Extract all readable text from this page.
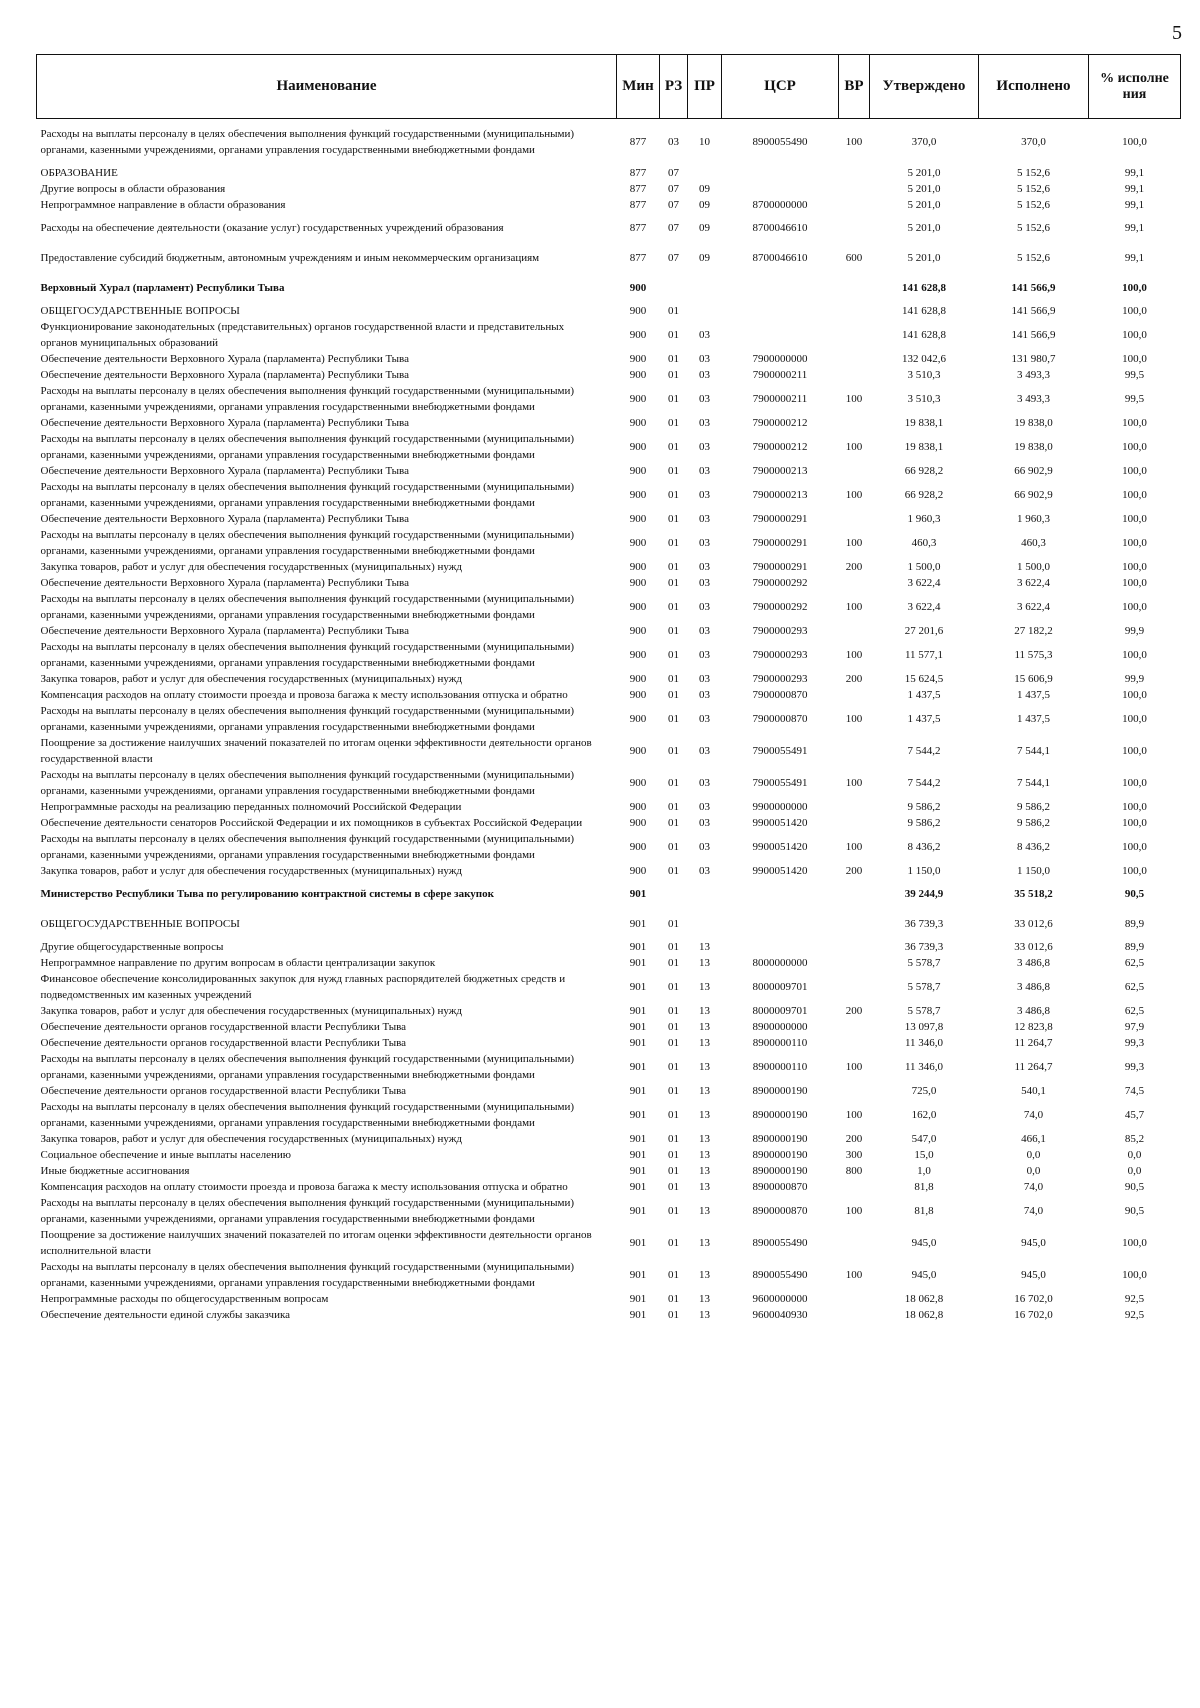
5
Наименование	Мин	РЗ	ПР	ЦСР	ВР	Утверждено	Исполнено	% исполне ния
Расходы на выплаты персоналу в целях обеспечения выполнения функций государственными (муниципальными) органами, казенными учреждениями, органами управления государственными внебюджетными фондами	877	03	10	8900055490	100	370,0	370,0	100,0
ОБРАЗОВАНИЕ	877	07				5 201,0	5 152,6	99,1
Другие вопросы в области образования	877	07	09			5 201,0	5 152,6	99,1
Непрограммное направление в области образования	877	07	09	8700000000		5 201,0	5 152,6	99,1
Расходы на обеспечение деятельности (оказание услуг) государственных учреждений образования	877	07	09	8700046610		5 201,0	5 152,6	99,1
Предоставление субсидий бюджетным, автономным учреждениям и иным некоммерческим организациям	877	07	09	8700046610	600	5 201,0	5 152,6	99,1
Верховный Хурал (парламент) Республики Тыва	900					141 628,8	141 566,9	100,0
ОБЩЕГОСУДАРСТВЕННЫЕ ВОПРОСЫ	900	01				141 628,8	141 566,9	100,0
Функционирование законодательных (представительных) органов государственной власти и представительных органов муниципальных образований	900	01	03			141 628,8	141 566,9	100,0
Обеспечение деятельности Верховного Хурала (парламента) Республики Тыва	900	01	03	7900000000		132 042,6	131 980,7	100,0
Обеспечение деятельности Верховного Хурала (парламента) Республики Тыва	900	01	03	7900000211		3 510,3	3 493,3	99,5
Расходы на выплаты персоналу в целях обеспечения выполнения функций государственными (муниципальными) органами, казенными учреждениями, органами управления государственными внебюджетными фондами	900	01	03	7900000211	100	3 510,3	3 493,3	99,5
Обеспечение деятельности Верховного Хурала (парламента) Республики Тыва	900	01	03	7900000212		19 838,1	19 838,0	100,0
Расходы на выплаты персоналу в целях обеспечения выполнения функций государственными (муниципальными) органами, казенными учреждениями, органами управления государственными внебюджетными фондами	900	01	03	7900000212	100	19 838,1	19 838,0	100,0
Обеспечение деятельности Верховного Хурала (парламента) Республики Тыва	900	01	03	7900000213		66 928,2	66 902,9	100,0
Расходы на выплаты персоналу в целях обеспечения выполнения функций государственными (муниципальными) органами, казенными учреждениями, органами управления государственными внебюджетными фондами	900	01	03	7900000213	100	66 928,2	66 902,9	100,0
Обеспечение деятельности Верховного Хурала (парламента) Республики Тыва	900	01	03	7900000291		1 960,3	1 960,3	100,0
Расходы на выплаты персоналу в целях обеспечения выполнения функций государственными (муниципальными) органами, казенными учреждениями, органами управления государственными внебюджетными фондами	900	01	03	7900000291	100	460,3	460,3	100,0
Закупка товаров, работ и услуг для обеспечения государственных (муниципальных) нужд	900	01	03	7900000291	200	1 500,0	1 500,0	100,0
Обеспечение деятельности Верховного Хурала (парламента) Республики Тыва	900	01	03	7900000292		3 622,4	3 622,4	100,0
Расходы на выплаты персоналу в целях обеспечения выполнения функций государственными (муниципальными) органами, казенными учреждениями, органами управления государственными внебюджетными фондами	900	01	03	7900000292	100	3 622,4	3 622,4	100,0
Обеспечение деятельности Верховного Хурала (парламента) Республики Тыва	900	01	03	7900000293		27 201,6	27 182,2	99,9
Расходы на выплаты персоналу в целях обеспечения выполнения функций государственными (муниципальными) органами, казенными учреждениями, органами управления государственными внебюджетными фондами	900	01	03	7900000293	100	11 577,1	11 575,3	100,0
Закупка товаров, работ и услуг для обеспечения государственных (муниципальных) нужд	900	01	03	7900000293	200	15 624,5	15 606,9	99,9
Компенсация расходов на оплату стоимости проезда и провоза багажа к месту использования отпуска и обратно	900	01	03	7900000870		1 437,5	1 437,5	100,0
Расходы на выплаты персоналу в целях обеспечения выполнения функций государственными (муниципальными) органами, казенными учреждениями, органами управления государственными внебюджетными фондами	900	01	03	7900000870	100	1 437,5	1 437,5	100,0
Поощрение за достижение наилучших значений показателей по итогам оценки эффективности деятельности органов государственной власти	900	01	03	7900055491		7 544,2	7 544,1	100,0
Расходы на выплаты персоналу в целях обеспечения выполнения функций государственными (муниципальными) органами, казенными учреждениями, органами управления государственными внебюджетными фондами	900	01	03	7900055491	100	7 544,2	7 544,1	100,0
Непрограммные расходы на реализацию переданных полномочий Российской Федерации	900	01	03	9900000000		9 586,2	9 586,2	100,0
Обеспечение деятельности сенаторов Российской Федерации и их помощников в субъектах Российской Федерации	900	01	03	9900051420		9 586,2	9 586,2	100,0
Расходы на выплаты персоналу в целях обеспечения выполнения функций государственными (муниципальными) органами, казенными учреждениями, органами управления государственными внебюджетными фондами	900	01	03	9900051420	100	8 436,2	8 436,2	100,0
Закупка товаров, работ и услуг для обеспечения государственных (муниципальных) нужд	900	01	03	9900051420	200	1 150,0	1 150,0	100,0
Министерство Республики Тыва по регулированию контрактной системы в сфере закупок	901					39 244,9	35 518,2	90,5
ОБЩЕГОСУДАРСТВЕННЫЕ ВОПРОСЫ	901	01				36 739,3	33 012,6	89,9
Другие общегосударственные вопросы	901	01	13			36 739,3	33 012,6	89,9
Непрограммное направление по другим вопросам в области централизации закупок	901	01	13	8000000000		5 578,7	3 486,8	62,5
Финансовое обеспечение консолидированных закупок для нужд главных распорядителей бюджетных средств и подведомственных им казенных учреждений	901	01	13	8000009701		5 578,7	3 486,8	62,5
Закупка товаров, работ и услуг для обеспечения государственных (муниципальных) нужд	901	01	13	8000009701	200	5 578,7	3 486,8	62,5
Обеспечение деятельности органов государственной власти Республики Тыва	901	01	13	8900000000		13 097,8	12 823,8	97,9
Обеспечение деятельности органов государственной власти Республики Тыва	901	01	13	8900000110		11 346,0	11 264,7	99,3
Расходы на выплаты персоналу в целях обеспечения выполнения функций государственными (муниципальными) органами, казенными учреждениями, органами управления государственными внебюджетными фондами	901	01	13	8900000110	100	11 346,0	11 264,7	99,3
Обеспечение деятельности органов государственной власти Республики Тыва	901	01	13	8900000190		725,0	540,1	74,5
Расходы на выплаты персоналу в целях обеспечения выполнения функций государственными (муниципальными) органами, казенными учреждениями, органами управления государственными внебюджетными фондами	901	01	13	8900000190	100	162,0	74,0	45,7
Закупка товаров, работ и услуг для обеспечения государственных (муниципальных) нужд	901	01	13	8900000190	200	547,0	466,1	85,2
Социальное обеспечение и иные выплаты населению	901	01	13	8900000190	300	15,0	0,0	0,0
Иные бюджетные ассигнования	901	01	13	8900000190	800	1,0	0,0	0,0
Компенсация расходов на оплату стоимости проезда и провоза багажа к месту использования отпуска и обратно	901	01	13	8900000870		81,8	74,0	90,5
Расходы на выплаты персоналу в целях обеспечения выполнения функций государственными (муниципальными) органами, казенными учреждениями, органами управления государственными внебюджетными фондами	901	01	13	8900000870	100	81,8	74,0	90,5
Поощрение за достижение наилучших значений показателей по итогам оценки эффективности деятельности органов исполнительной власти	901	01	13	8900055490		945,0	945,0	100,0
Расходы на выплаты персоналу в целях обеспечения выполнения функций государственными (муниципальными) органами, казенными учреждениями, органами управления государственными внебюджетными фондами	901	01	13	8900055490	100	945,0	945,0	100,0
Непрограммные расходы по общегосударственным вопросам	901	01	13	9600000000		18 062,8	16 702,0	92,5
Обеспечение деятельности единой службы заказчика	901	01	13	9600040930		18 062,8	16 702,0	92,5
